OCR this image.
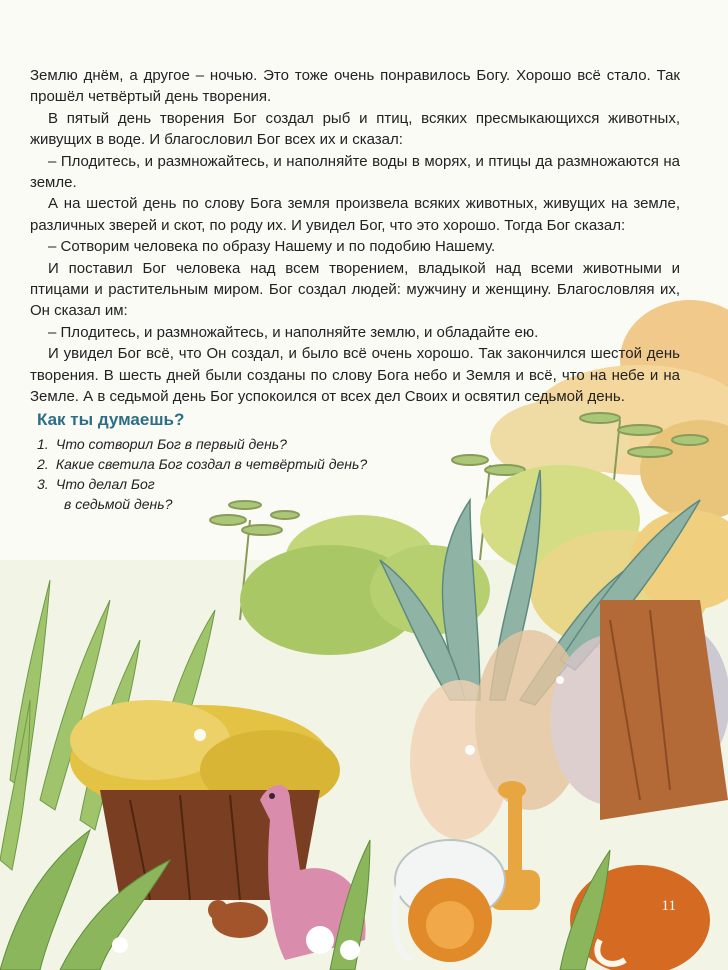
Землю днём, а другое – ночью. Это тоже очень понравилось Богу. Хорошо всё стало. Так прошёл четвёртый день творения.

В пятый день творения Бог создал рыб и птиц, всяких пресмыкающихся животных, живущих в воде. И благословил Бог всех их и сказал:

– Плодитесь, и размножайтесь, и наполняйте воды в морях, и птицы да размножаются на земле.

А на шестой день по слову Бога земля произвела всяких животных, живущих на земле, различных зверей и скот, по роду их. И увидел Бог, что это хорошо. Тогда Бог сказал:

– Сотворим человека по образу Нашему и по подобию Нашему.

И поставил Бог человека над всем творением, владыкой над всеми животными и птицами и растительным миром. Бог создал людей: мужчину и женщину. Благословляя их, Он сказал им:

– Плодитесь, и размножайтесь, и наполняйте землю, и обладайте ею.

И увидел Бог всё, что Он создал, и было всё очень хорошо. Так закончился шестой день творения. В шесть дней были созданы по слову Бога небо и Земля и всё, что на небе и на Земле. А в седьмой день Бог успокоился от всех дел Своих и освятил седьмой день.

Как ты думаешь?
1. Что сотворил Бог в первый день?
2. Какие светила Бог создал в четвёртый день?
3. Что делал Бог
в седьмой день?
11
